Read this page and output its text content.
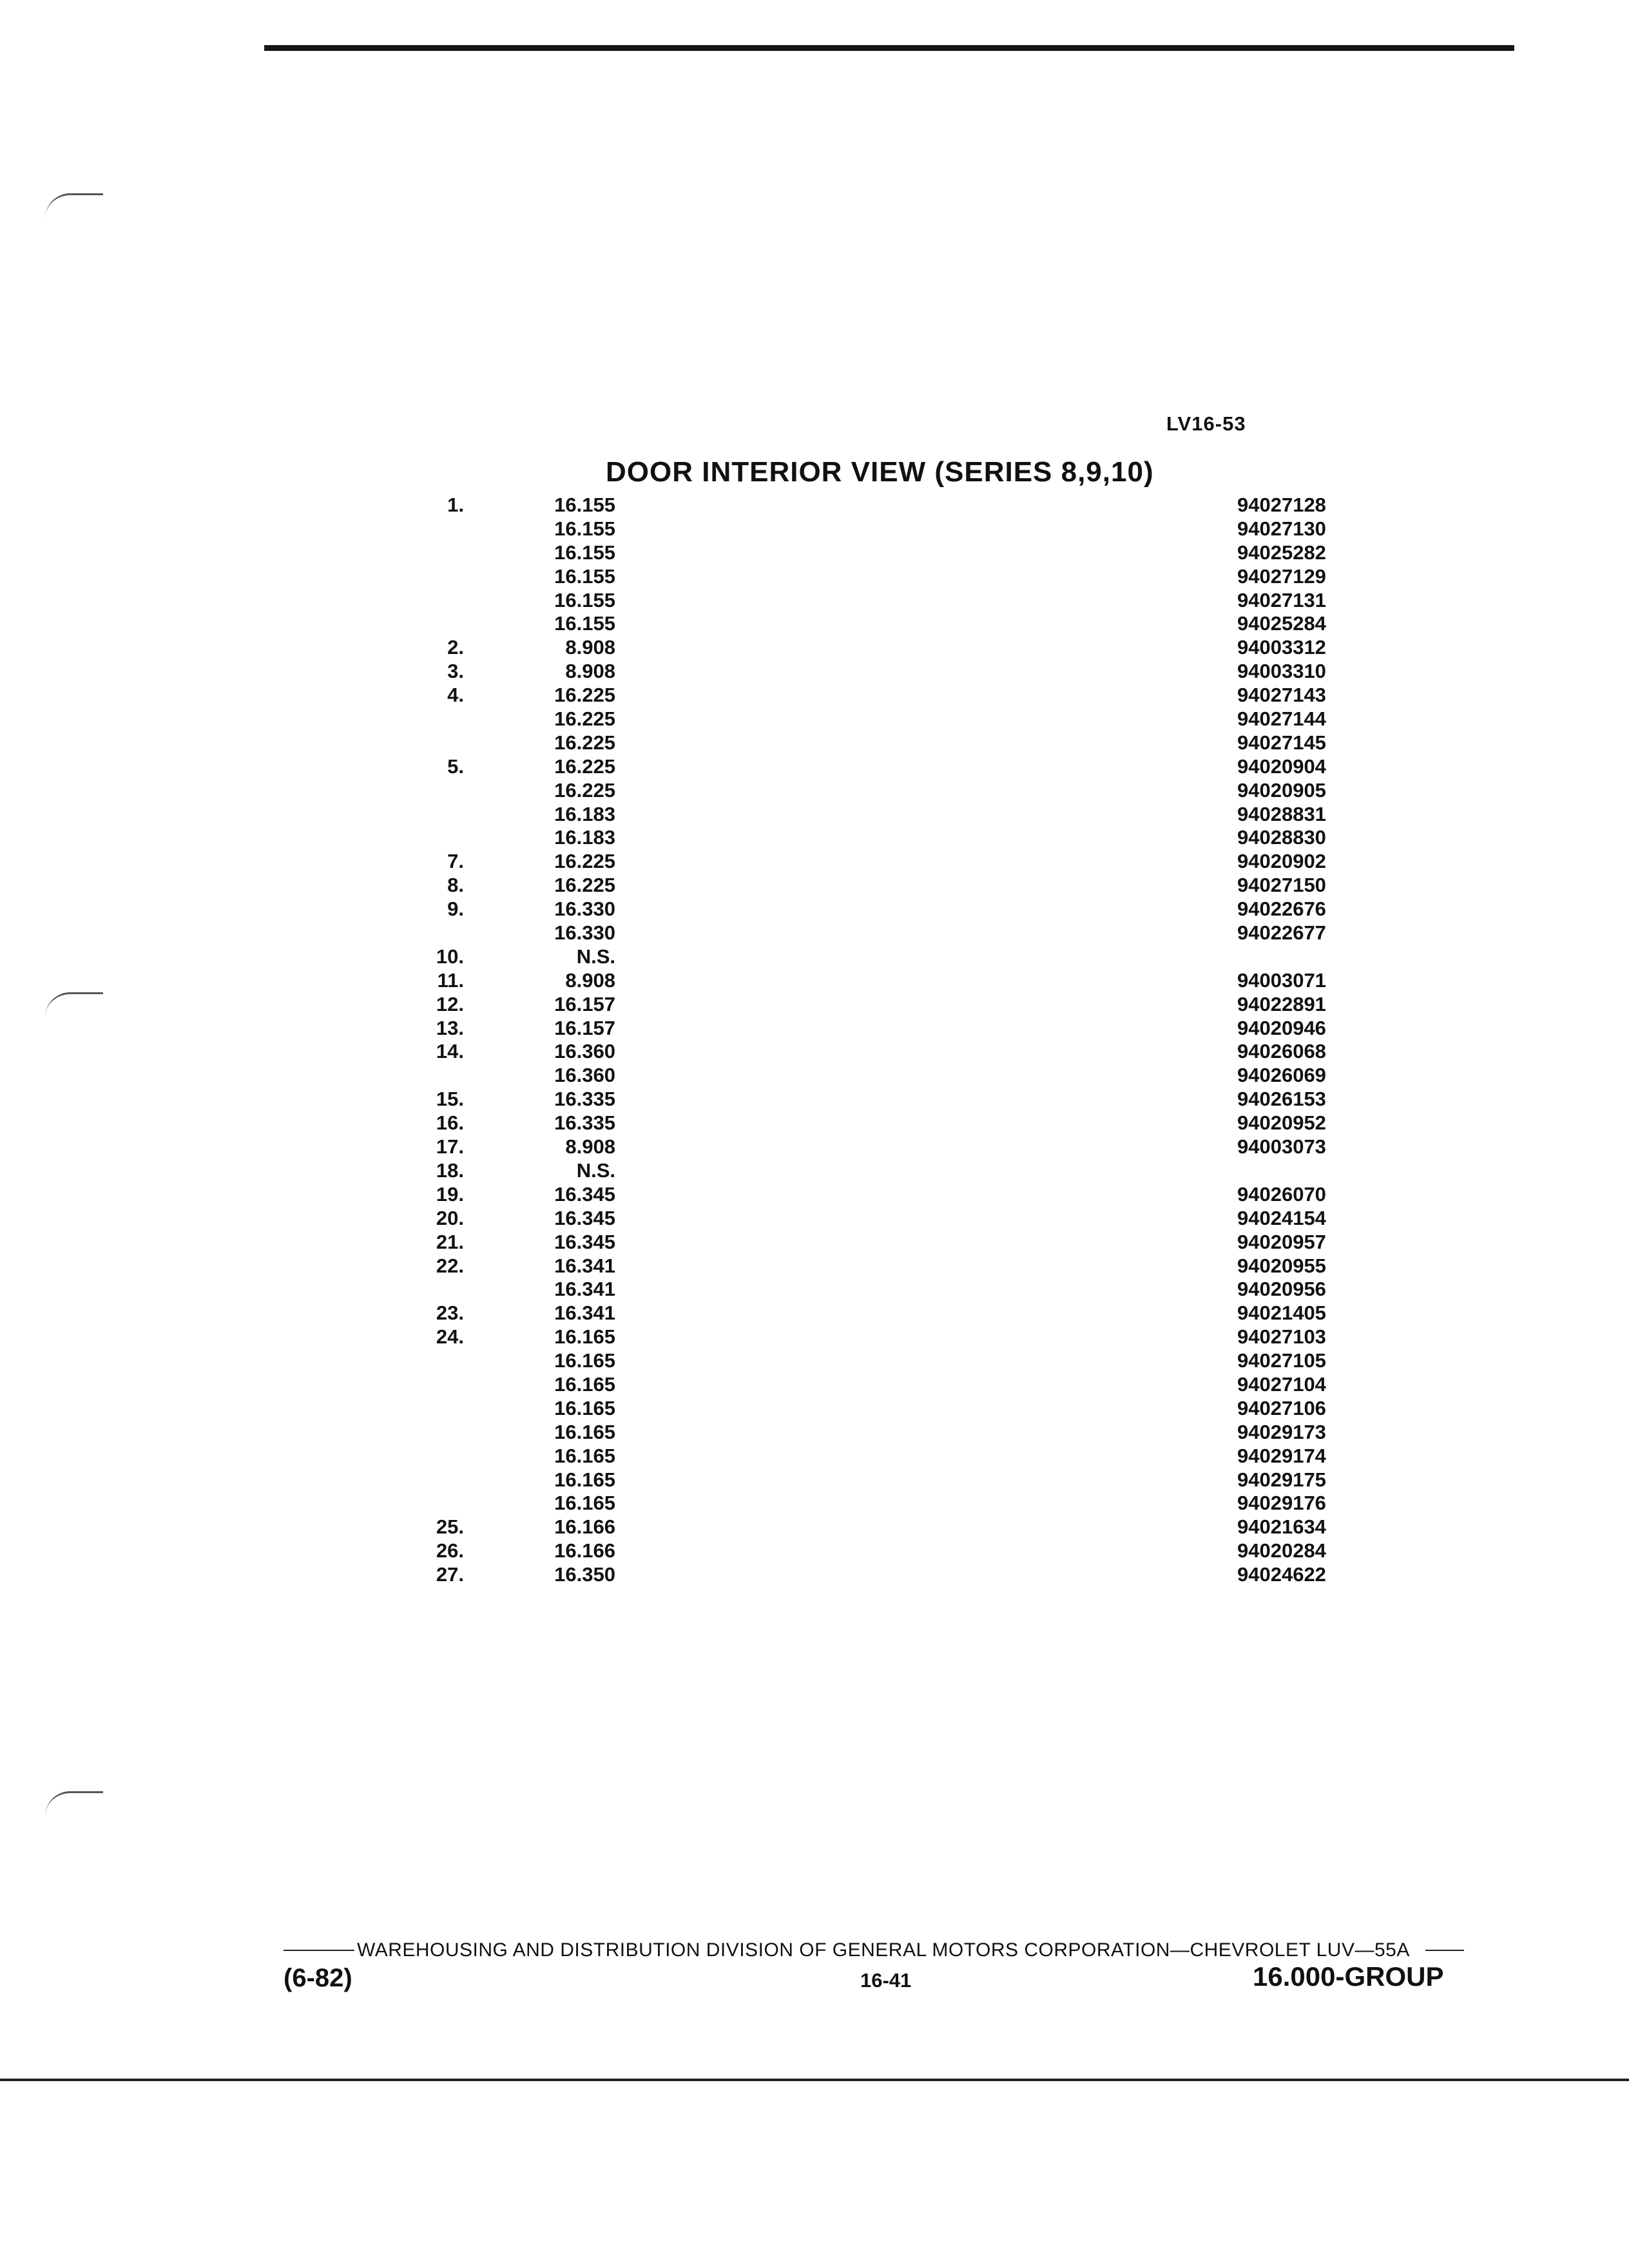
LV16-53
DOOR INTERIOR VIEW (SERIES 8,9,10)
1.	16.155	94027128
16.155	94027130
16.155	94025282
16.155	94027129
16.155	94027131
16.155	94025284
2.	8.908	94003312
3.	8.908	94003310
4.	16.225	94027143
16.225	94027144
16.225	94027145
5.	16.225	94020904
16.225	94020905
16.183	94028831
16.183	94028830
7.	16.225	94020902
8.	16.225	94027150
9.	16.330	94022676
16.330	94022677
10.	N.S.
11.	8.908	94003071
12.	16.157	94022891
13.	16.157	94020946
14.	16.360	94026068
16.360	94026069
15.	16.335	94026153
16.	16.335	94020952
17.	8.908	94003073
18.	N.S.
19.	16.345	94026070
20.	16.345	94024154
21.	16.345	94020957
22.	16.341	94020955
16.341	94020956
23.	16.341	94021405
24.	16.165	94027103
16.165	94027105
16.165	94027104
16.165	94027106
16.165	94029173
16.165	94029174
16.165	94029175
16.165	94029176
25.	16.166	94021634
26.	16.166	94020284
27.	16.350	94024622
WAREHOUSING AND DISTRIBUTION DIVISION OF GENERAL MOTORS CORPORATION—CHEVROLET LUV—55A
(6-82)	16-41	16.000-GROUP
